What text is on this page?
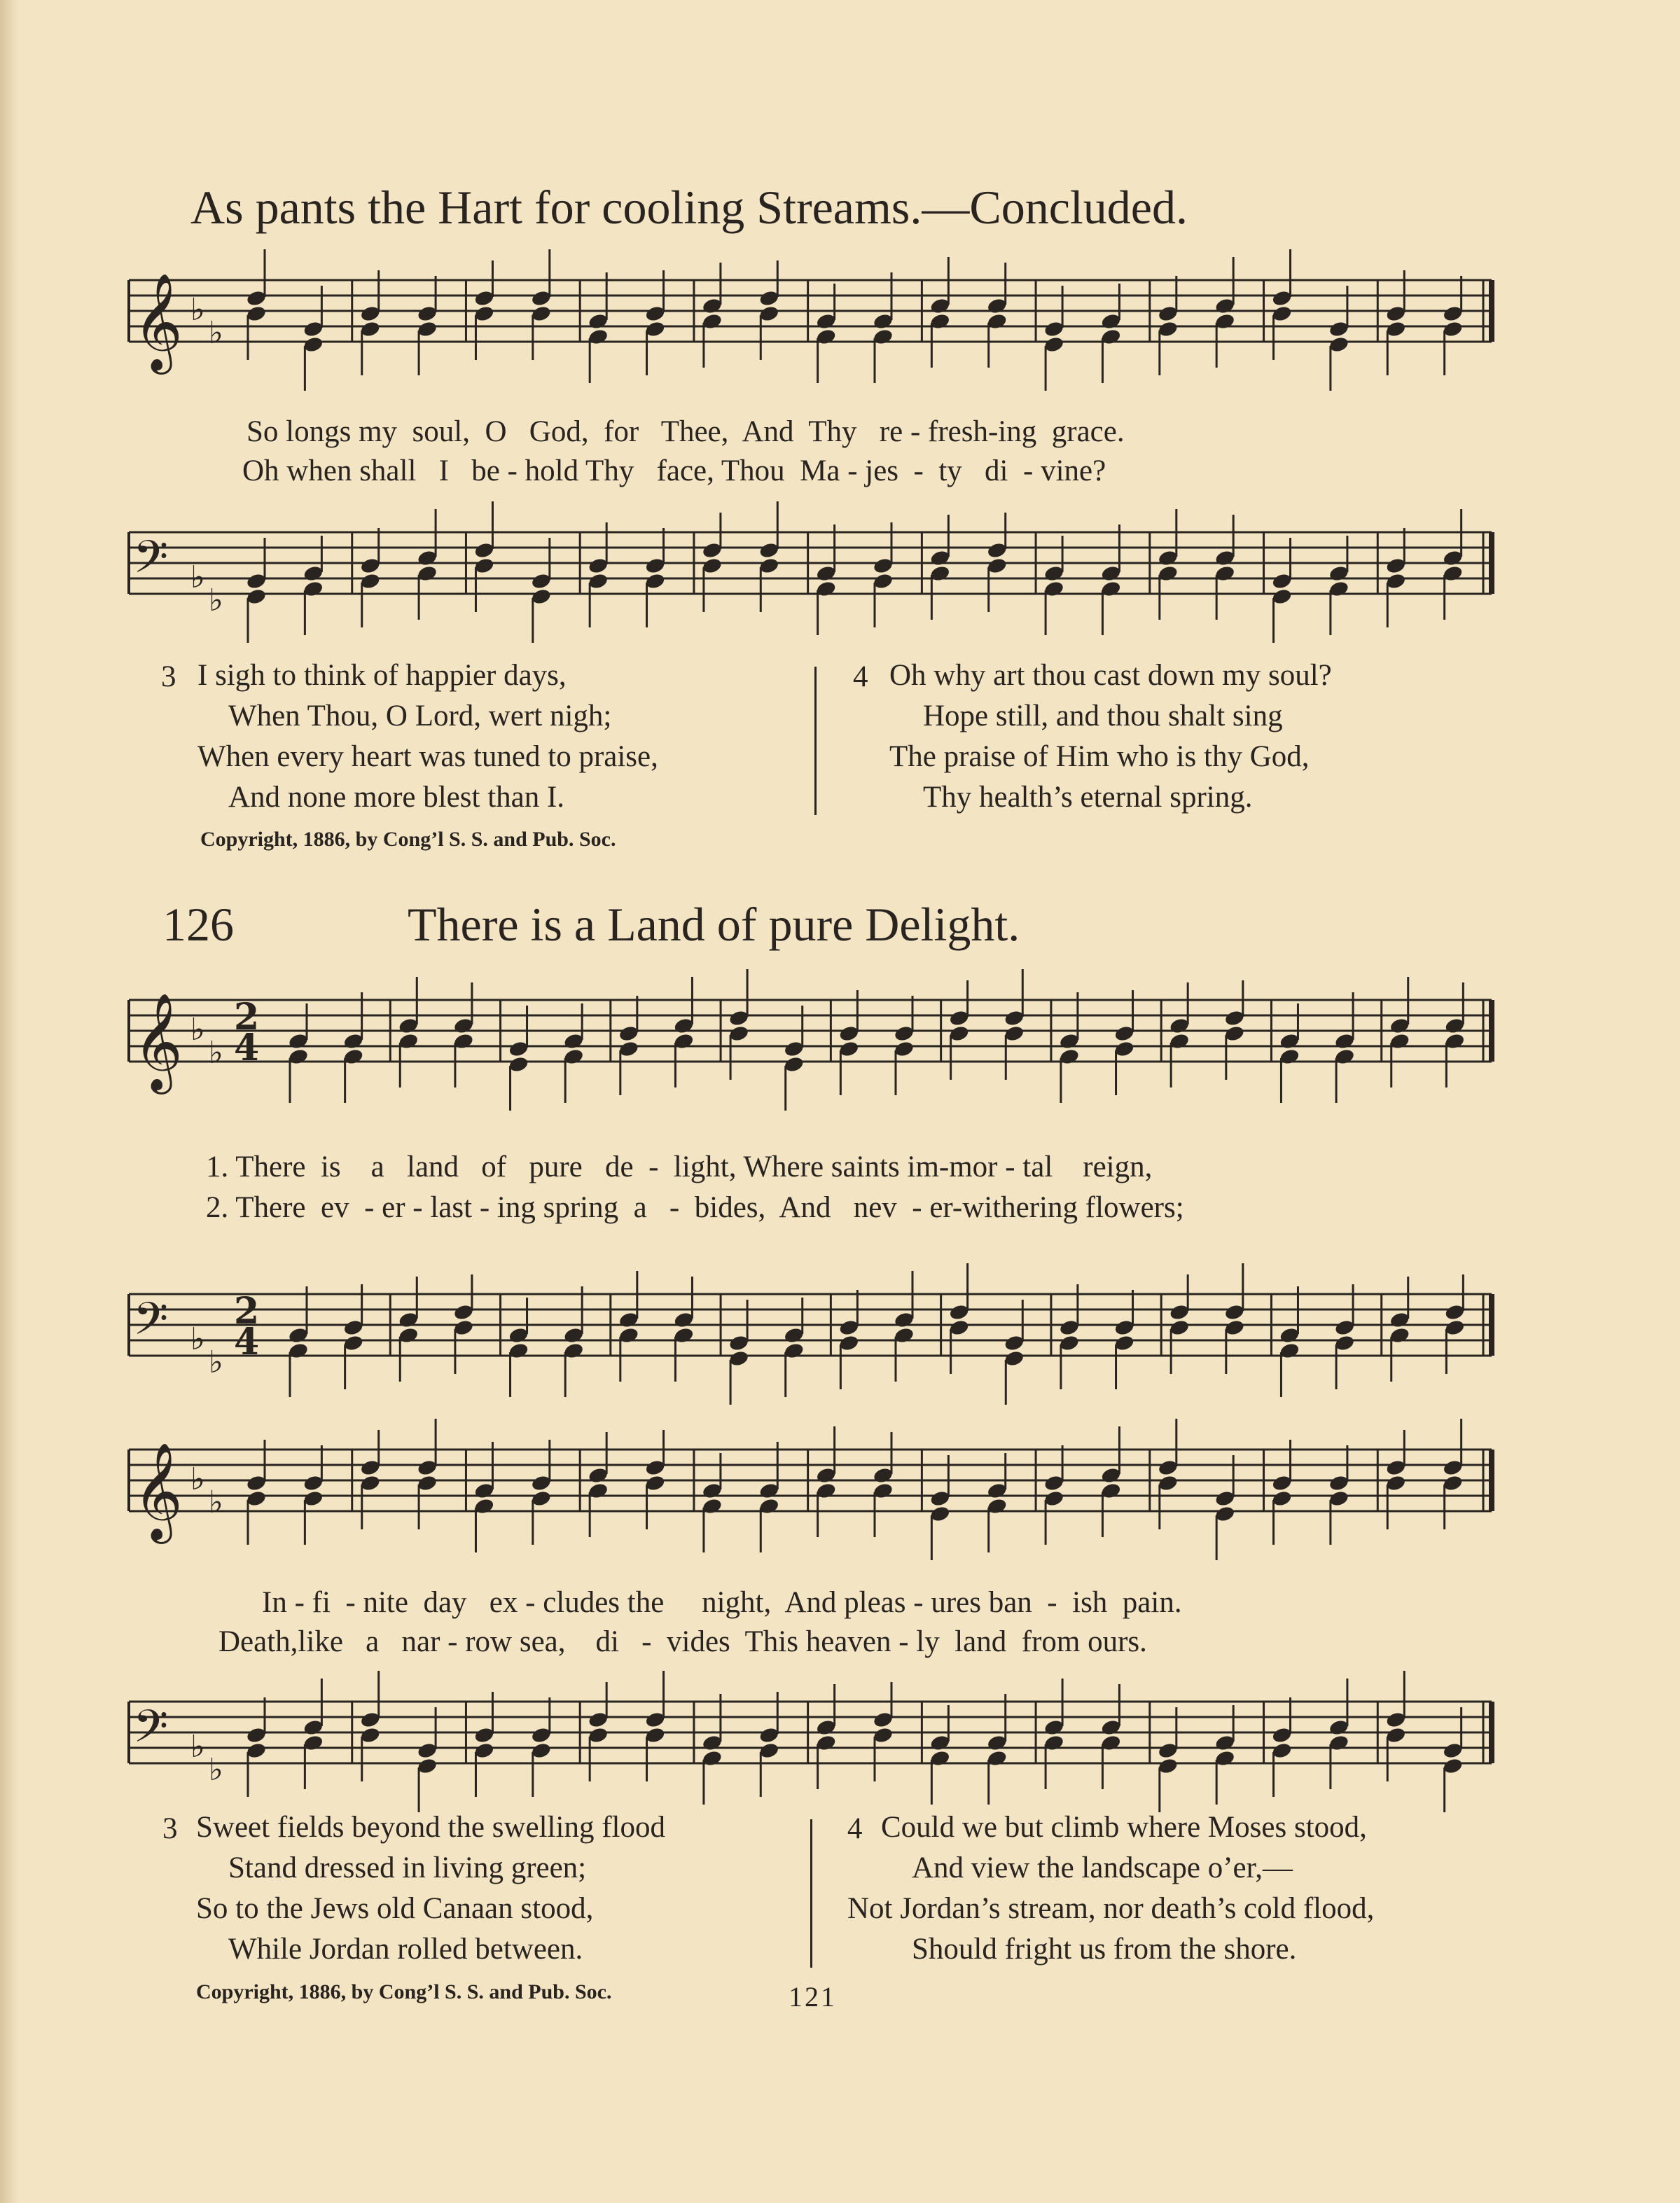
As pants the Hart for cooling Streams.—Concluded.
𝄞 ♭
♭
So longs my  soul,  O   God,  for   Thee,  And  Thy   re - fresh-ing  grace.
Oh when shall   I   be - hold Thy   face, Thou  Ma - jes  -  ty   di  - vine?
𝄢 ♭
♭
3 I sigh to think of happier days,
When Thou, O Lord, wert nigh;
When every heart was tuned to praise,
And none more blest than I.
4 Oh why art thou cast down my soul?
Hope still, and thou shalt sing
The praise of Him who is thy God,
Thy health’s eternal spring.
Copyright, 1886, by Cong’l S. S. and Pub. Soc.
126	There is a Land of pure Delight.
𝄞 ♭
♭
2
4
1. There  is    a   land   of   pure   de  -  light, Where saints im-mor - tal    reign,
2. There  ev  - er - last - ing spring  a   -  bides,  And   nev  - er-withering flowers;
𝄢 ♭
♭
2
4
𝄞 ♭
♭
In - fi  - nite  day   ex - cludes the     night,  And pleas - ures ban  -  ish  pain.
Death,like   a   nar - row sea,    di   -  vides  This heaven - ly  land  from ours.
𝄢 ♭
♭
3 Sweet fields beyond the swelling flood
Stand dressed in living green;
So to the Jews old Canaan stood,
While Jordan rolled between.
4 Could we but climb where Moses stood,
And view the landscape o’er,—
Not Jordan’s stream, nor death’s cold flood,
Should fright us from the shore.
Copyright, 1886, by Cong’l S. S. and Pub. Soc.	121
